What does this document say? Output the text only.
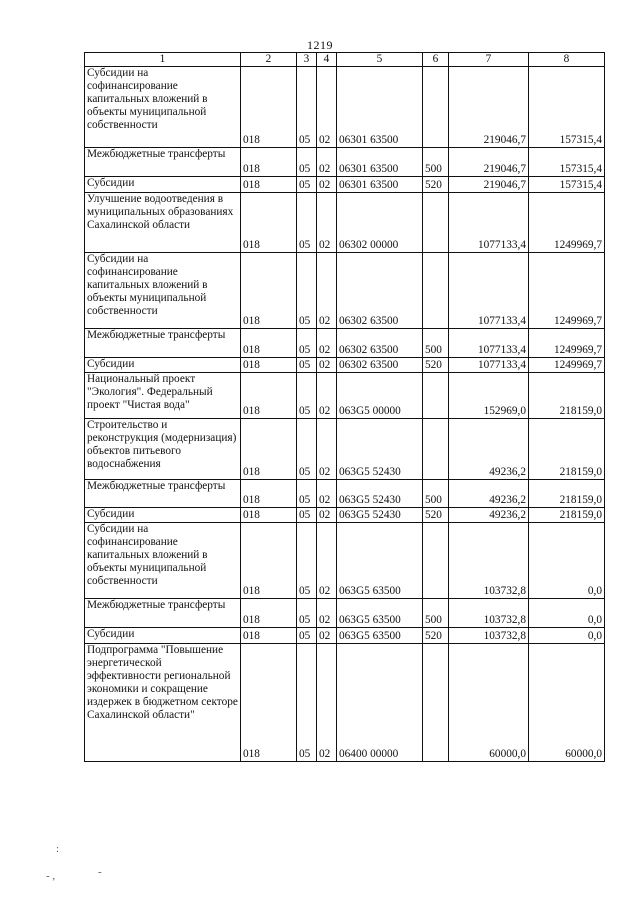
1219
1	2	3	4	5	6	7	8
Субсидии на софинансирование капитальных вложений в объекты муниципальной собственности	018	05	02	06301 63500		219046,7	157315,4
Межбюджетные трансферты	018	05	02	06301 63500	500	219046,7	157315,4
Субсидии	018	05	02	06301 63500	520	219046,7	157315,4
Улучшение водоотведения в муниципальных образованиях Сахалинской области	018	05	02	06302 00000		1077133,4	1249969,7
Субсидии на софинансирование капитальных вложений в объекты муниципальной собственности	018	05	02	06302 63500		1077133,4	1249969,7
Межбюджетные трансферты	018	05	02	06302 63500	500	1077133,4	1249969,7
Субсидии	018	05	02	06302 63500	520	1077133,4	1249969,7
Национальный проект "Экология". Федеральный проект "Чистая вода"	018	05	02	063G5 00000		152969,0	218159,0
Строительство и реконструкция (модернизация) объектов питьевого водоснабжения	018	05	02	063G5 52430		49236,2	218159,0
Межбюджетные трансферты	018	05	02	063G5 52430	500	49236,2	218159,0
Субсидии	018	05	02	063G5 52430	520	49236,2	218159,0
Субсидии на софинансирование капитальных вложений в объекты муниципальной собственности	018	05	02	063G5 63500		103732,8	0,0
Межбюджетные трансферты	018	05	02	063G5 63500	500	103732,8	0,0
Субсидии	018	05	02	063G5 63500	520	103732,8	0,0
Подпрограмма "Повышение энергетической эффективности региональной экономики и сокращение издержек в бюджетном секторе Сахалинской области"	018	05	02	06400 00000		60000,0	60000,0
:
- ,	-
